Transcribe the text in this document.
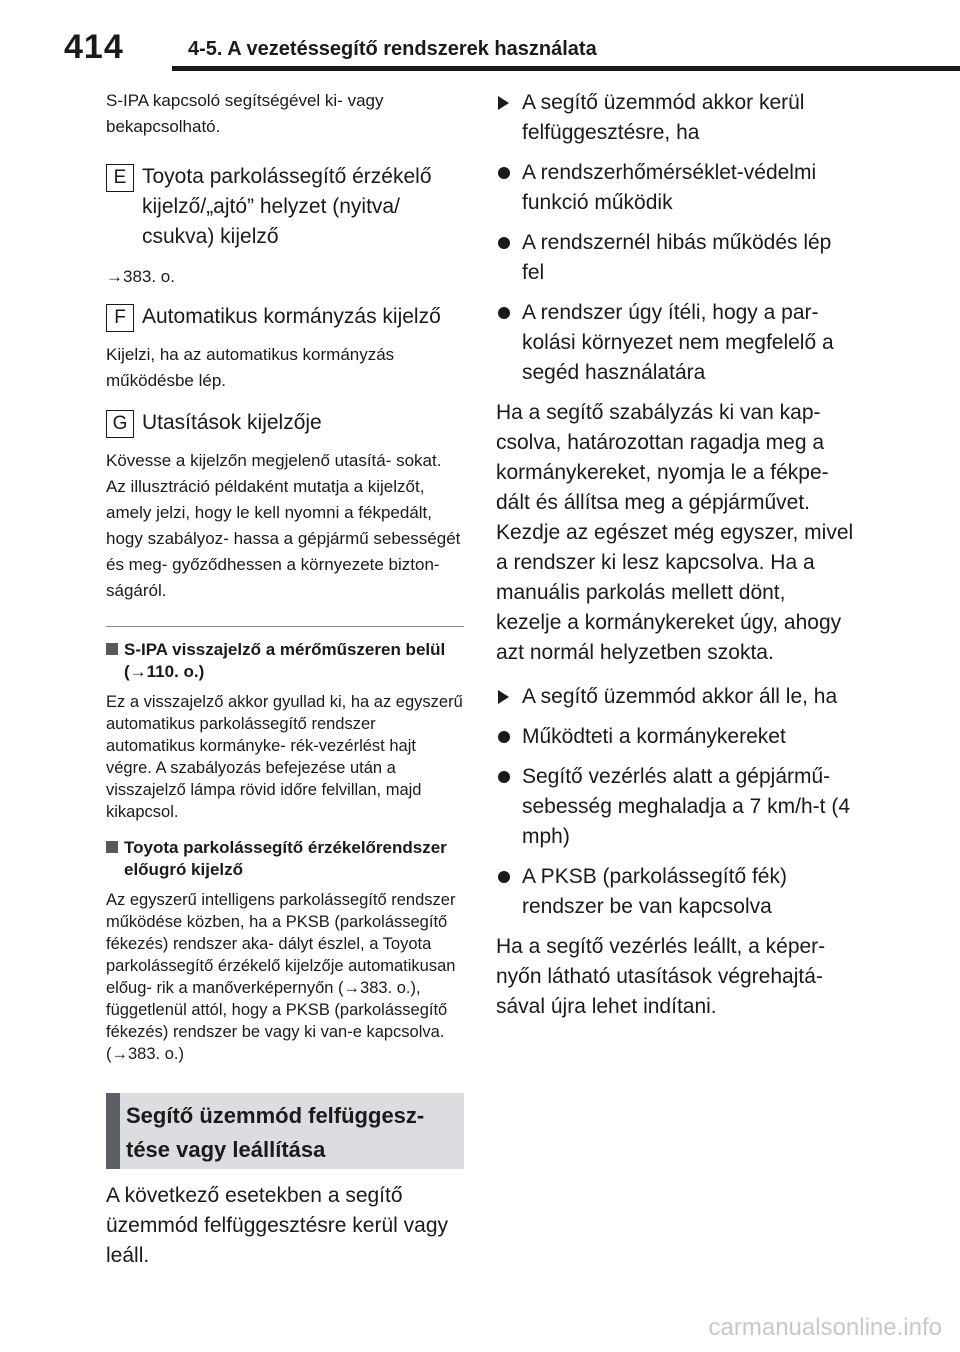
414	4-5. A vezetéssegítő rendszerek használata

S-IPA kapcsoló segítségével ki- vagy bekapcsolható.

E Toyota parkolássegítő érzékelő kijelző/„ajtó” helyzet (nyitva/ csukva) kijelző

→383. o.

F Automatikus kormányzás kijelző

Kijelzi, ha az automatikus kormányzás működésbe lép.

G Utasítások kijelzője

Kövesse a kijelzőn megjelenő utasítá- sokat. Az illusztráció példaként mutatja a kijelzőt, amely jelzi, hogy le kell nyomni a fékpedált, hogy szabályoz- hassa a gépjármű sebességét és meg- győződhessen a környezete bizton- ságáról.

S-IPA visszajelző a mérőműszeren belül (→110. o.)

Ez a visszajelző akkor gyullad ki, ha az egyszerű automatikus parkolássegítő rendszer automatikus kormányke- rék-vezérlést hajt végre. A szabályozás befejezése után a visszajelző lámpa rövid időre felvillan, majd kikapcsol.

Toyota parkolássegítő érzékelőrendszer előugró kijelző

Az egyszerű intelligens parkolássegítő rendszer működése közben, ha a PKSB (parkolássegítő fékezés) rendszer aka- dályt észlel, a Toyota parkolássegítő érzékelő kijelzője automatikusan előug- rik a manőverképernyőn (→383. o.), függetlenül attól, hogy a PKSB (parkolássegítő fékezés) rendszer be vagy ki van-e kapcsolva. (→383. o.)

Segítő üzemmód felfüggesz- tése vagy leállítása

A következő esetekben a segítő üzemmód felfüggesztésre kerül vagy leáll.

A segítő üzemmód akkor kerül felfüggesztésre, ha
A rendszerhőmérséklet-védelmi funkció működik
A rendszernél hibás működés lép fel
A rendszer úgy ítéli, hogy a par- kolási környezet nem megfelelő a segéd használatára

Ha a segítő szabályzás ki van kap- csolva, határozottan ragadja meg a kormánykereket, nyomja le a fékpe- dált és állítsa meg a gépjárművet. Kezdje az egészet még egyszer, mivel a rendszer ki lesz kapcsolva. Ha a manuális parkolás mellett dönt, kezelje a kormánykereket úgy, ahogy azt normál helyzetben szokta.

A segítő üzemmód akkor áll le, ha
Működteti a kormánykereket
Segítő vezérlés alatt a gépjármű- sebesség meghaladja a 7 km/h-t (4 mph)
A PKSB (parkolássegítő fék) rendszer be van kapcsolva

Ha a segítő vezérlés leállt, a képer- nyőn látható utasítások végrehajtá- sával újra lehet indítani.

carmanualsonline.info
